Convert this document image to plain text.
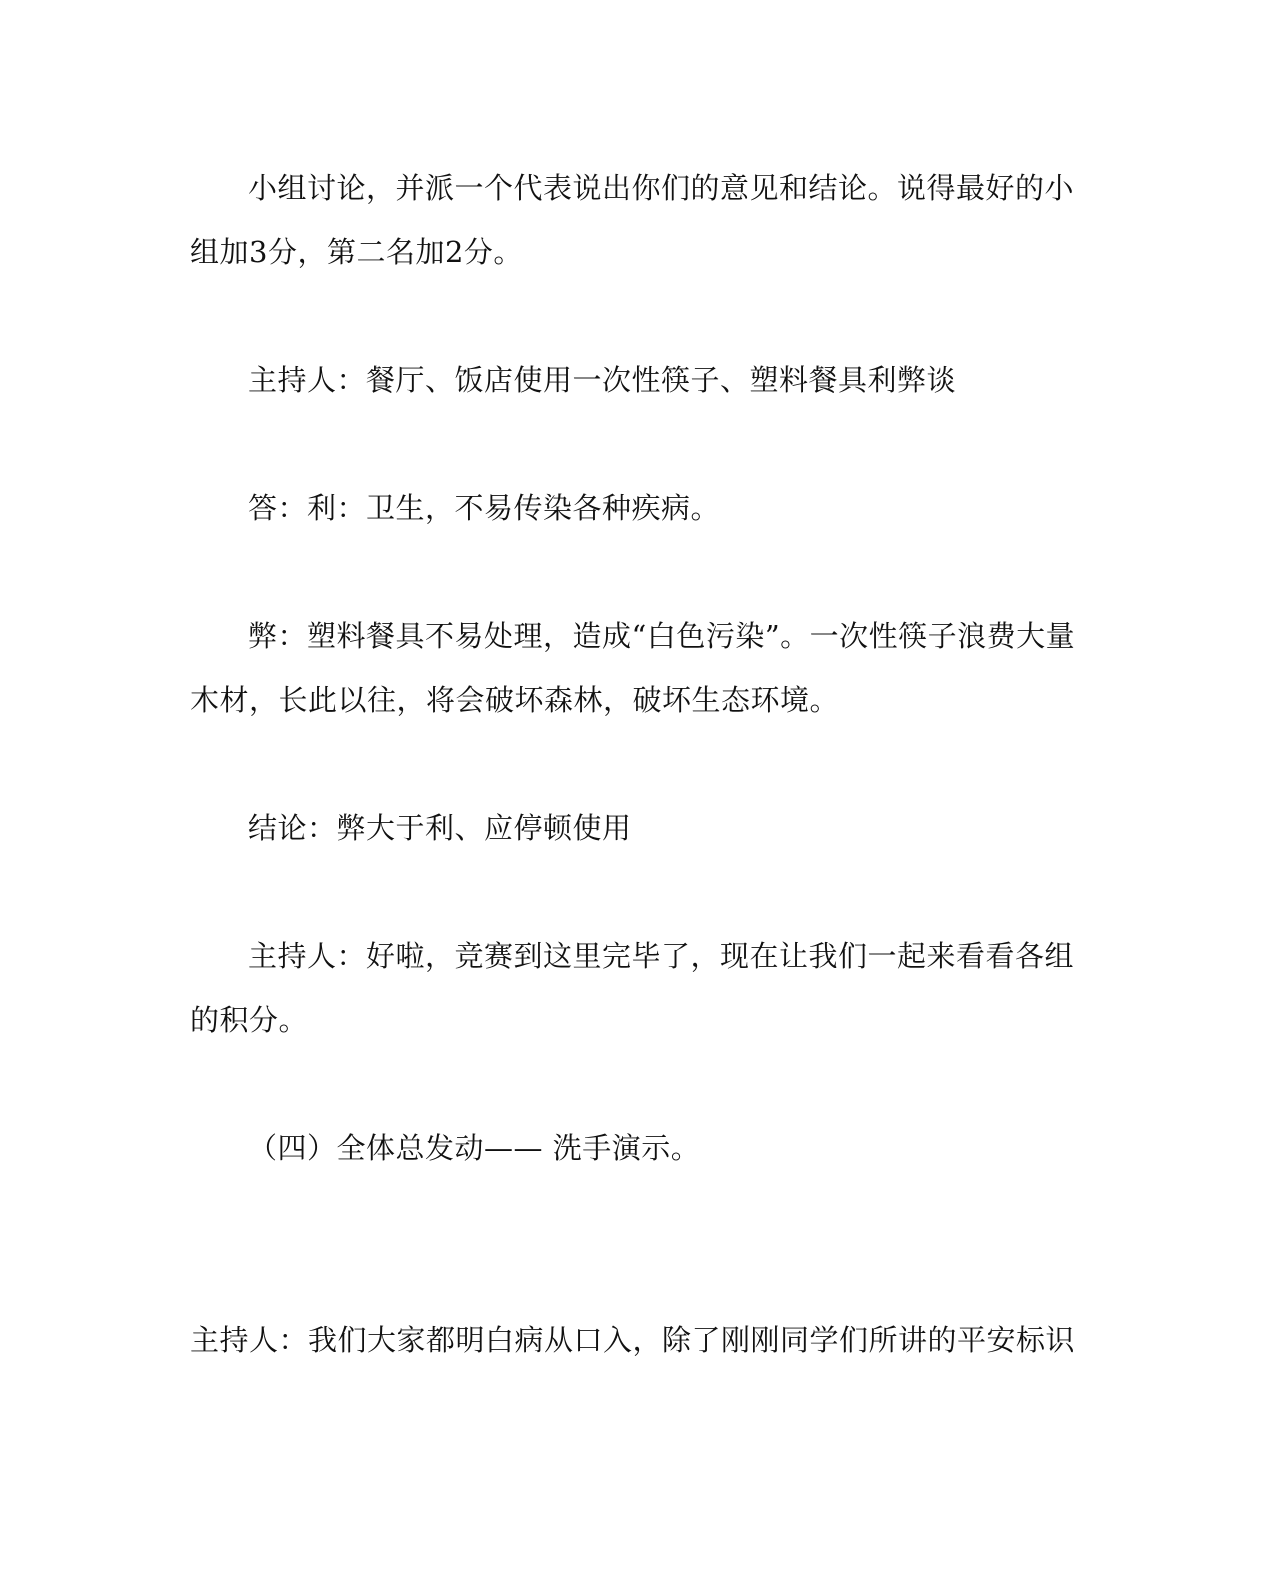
小组讨论，并派一个代表说出你们的意见和结论。说得最好的小
组加3分，第二名加2分。
主持人：餐厅、饭店使用一次性筷子、塑料餐具利弊谈
答：利：卫生，不易传染各种疾病。
弊：塑料餐具不易处理，造成“白色污染”。一次性筷子浪费大量
木材，长此以往，将会破坏森林，破坏生态环境。
结论：弊大于利、应停顿使用
主持人：好啦，竞赛到这里完毕了，现在让我们一起来看看各组
的积分。
（四）全体总发动—— 洗手演示。
主持人：我们大家都明白病从口入，除了刚刚同学们所讲的平安标识
